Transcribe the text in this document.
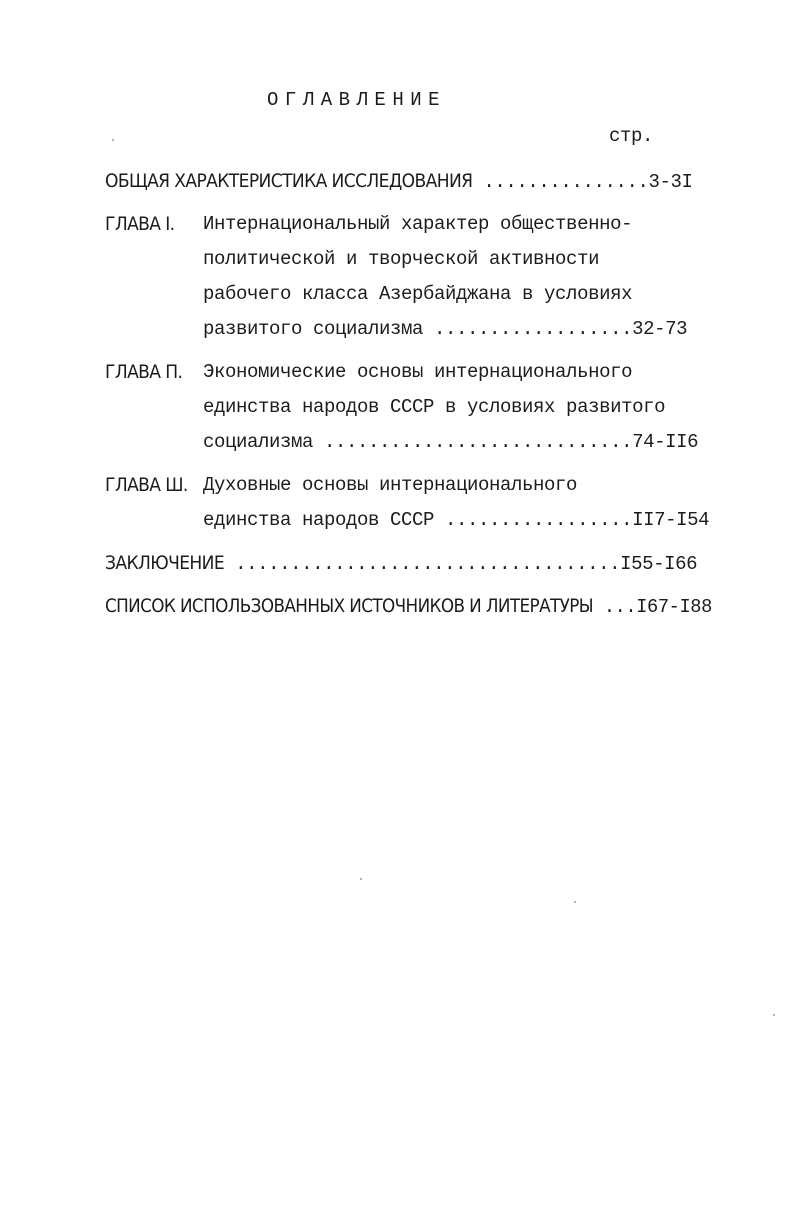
ОГЛАВЛЕНИЕ
стр.
ОБЩАЯ ХАРАКТЕРИСТИКА ИССЛЕДОВАНИЯ ...............3-3I
ГЛАВА I. Интернациональный характер общественно-
политической и творческой активности
рабочего класса Азербайджана в условиях
развитого социализма ..................32-73
ГЛАВА П. Экономические основы интернационального
единства народов СССР в условиях развитого
социализма ............................74-II6
ГЛАВА Ш. Духовные основы интернационального
единства народов СССР .................II7-I54
ЗАКЛЮЧЕНИЕ ...................................I55-I66
СПИСОК ИСПОЛЬЗОВАННЫХ ИСТОЧНИКОВ И ЛИТЕРАТУРЫ ...I67-I88
